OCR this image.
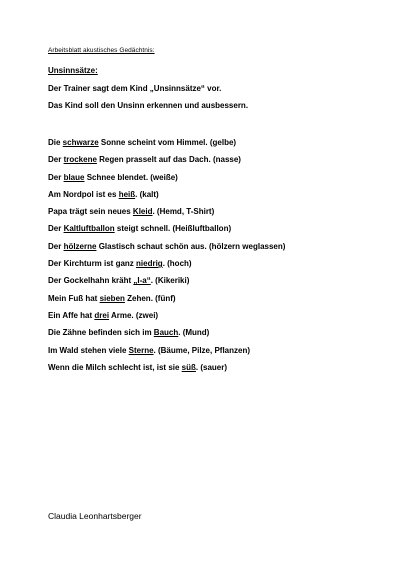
Arbeitsblatt akustisches Gedächtnis:
Unsinnsätze:
Der Trainer sagt dem Kind „Unsinnsätze“ vor.
Das Kind soll den Unsinn erkennen und ausbessern.
Die schwarze Sonne scheint vom Himmel. (gelbe)
Der trockene Regen prasselt auf das Dach. (nasse)
Der blaue Schnee blendet. (weiße)
Am Nordpol ist es heiß. (kalt)
Papa trägt sein neues Kleid. (Hemd, T-Shirt)
Der Kaltluftballon steigt schnell. (Heißluftballon)
Der hölzerne Glastisch schaut schön aus. (hölzern weglassen)
Der Kirchturm ist ganz niedrig. (hoch)
Der Gockelhahn kräht „I-a“. (Kikeriki)
Mein Fuß hat sieben Zehen. (fünf)
Ein Affe hat drei Arme. (zwei)
Die Zähne befinden sich im Bauch. (Mund)
Im Wald stehen viele Sterne. (Bäume, Pilze, Pflanzen)
Wenn die Milch schlecht ist, ist sie süß. (sauer)
Claudia Leonhartsberger
